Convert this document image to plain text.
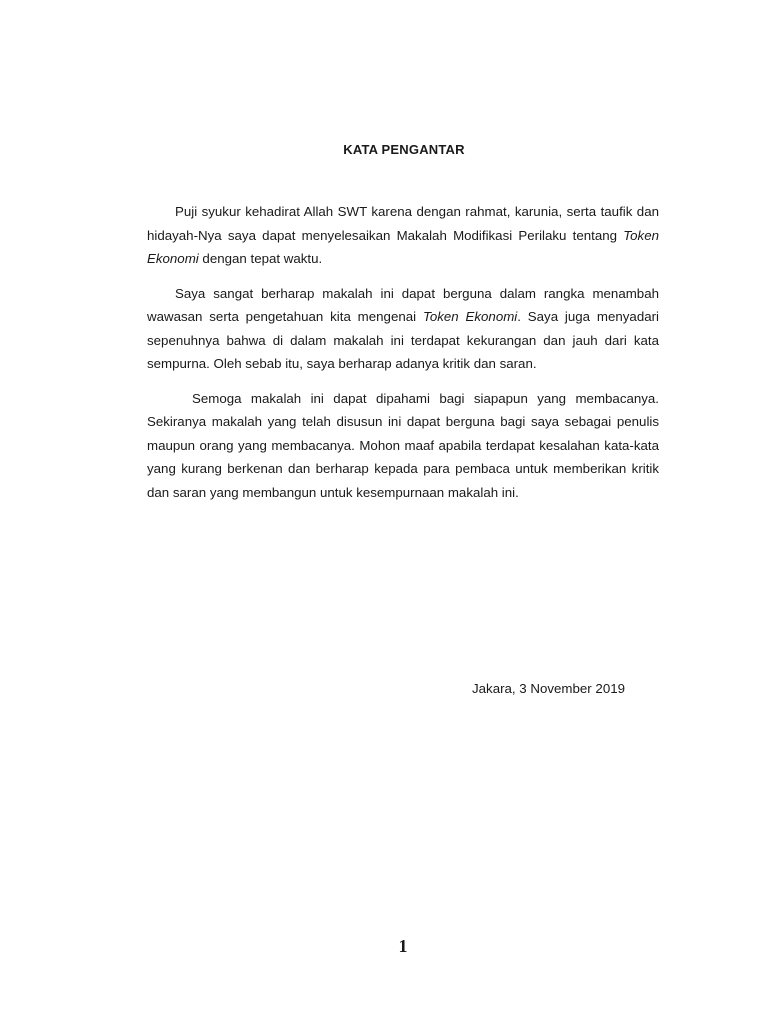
KATA PENGANTAR

Puji syukur kehadirat Allah SWT karena dengan rahmat, karunia, serta taufik dan hidayah-Nya saya dapat menyelesaikan Makalah Modifikasi Perilaku tentang Token Ekonomi dengan tepat waktu.

Saya sangat berharap makalah ini dapat berguna dalam rangka menambah wawasan serta pengetahuan kita mengenai Token Ekonomi. Saya juga menyadari sepenuhnya bahwa di dalam makalah ini terdapat kekurangan dan jauh dari kata sempurna. Oleh sebab itu, saya berharap adanya kritik dan saran.

Semoga makalah ini dapat dipahami bagi siapapun yang membacanya. Sekiranya makalah yang telah disusun ini dapat berguna bagi saya sebagai penulis maupun orang yang membacanya. Mohon maaf apabila terdapat kesalahan kata-kata yang kurang berkenan dan berharap kepada para pembaca untuk memberikan kritik dan saran yang membangun untuk kesempurnaan makalah ini.

Jakara, 3 November 2019
1
